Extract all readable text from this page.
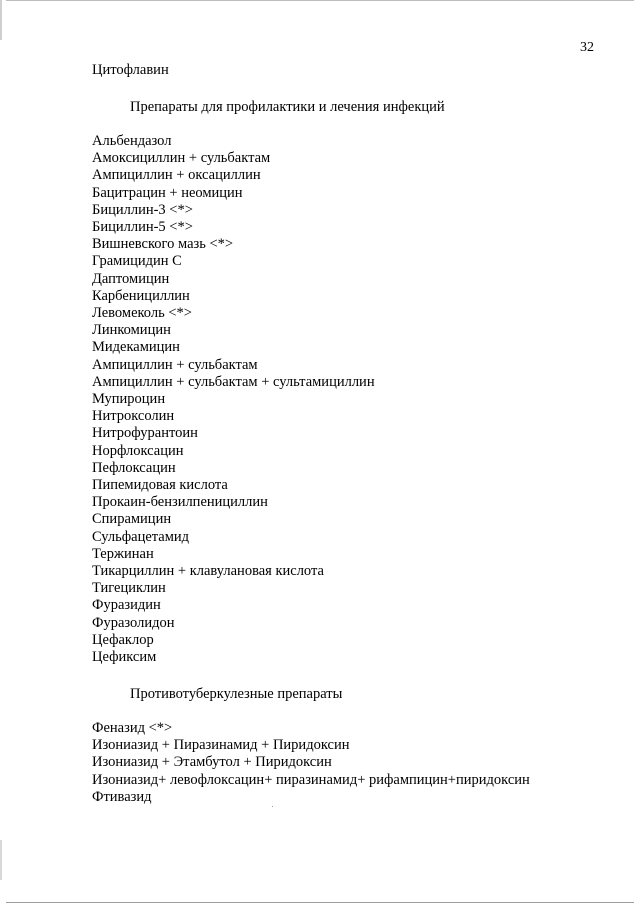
32
Цитофлавин
Препараты для профилактики и лечения инфекций
Альбендазол
Амоксициллин + сульбактам
Ампициллин + оксациллин
Бацитрацин + неомицин
Бициллин-3 <*>
Бициллин-5 <*>
Вишневского мазь <*>
Грамицидин С
Даптомицин
Карбенициллин
Левомеколь <*>
Линкомицин
Мидекамицин
Ампициллин + сульбактам
Ампициллин + сульбактам + сультамициллин
Мупироцин
Нитроксолин
Нитрофурантоин
Норфлоксацин
Пефлоксацин
Пипемидовая кислота
Прокаин-бензилпенициллин
Спирамицин
Сульфацетамид
Тержинан
Тикарциллин + клавулановая кислота
Тигециклин
Фуразидин
Фуразолидон
Цефаклор
Цефиксим
Противотуберкулезные препараты
Феназид <*>
Изониазид + Пиразинамид + Пиридоксин
Изониазид + Этамбутол + Пиридоксин
Изониазид+ левофлоксацин+ пиразинамид+ рифампицин+пиридоксин
Фтивазид
